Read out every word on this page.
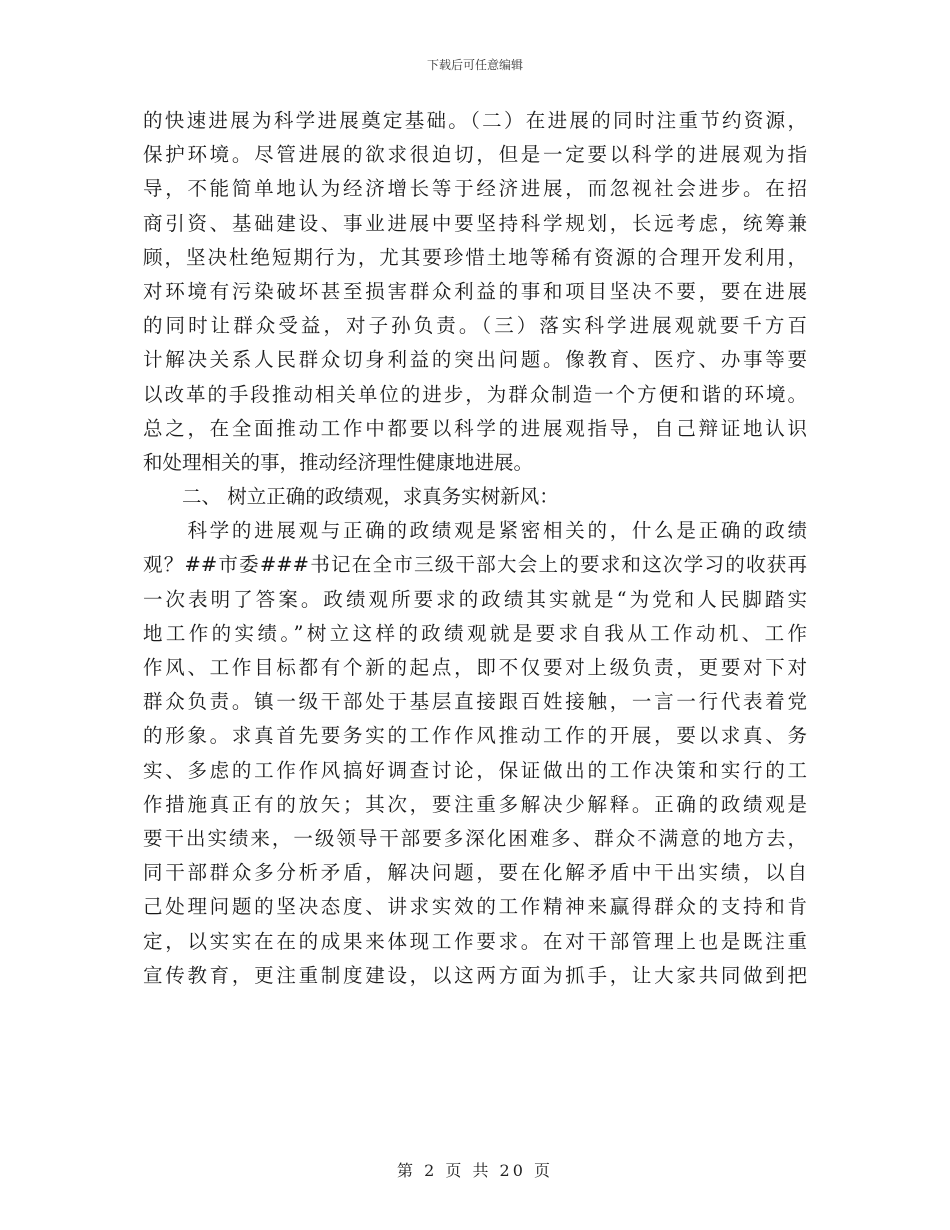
下载后可任意编辑
的快速进展为科学进展奠定基础。（二）在进展的同时注重节约资源，
保护环境。尽管进展的欲求很迫切，但是一定要以科学的进展观为指
导，不能简单地认为经济增长等于经济进展，而忽视社会进步。在招
商引资、基础建设、事业进展中要坚持科学规划，长远考虑，统筹兼
顾，坚决杜绝短期行为，尤其要珍惜土地等稀有资源的合理开发利用，
对环境有污染破坏甚至损害群众利益的事和项目坚决不要，要在进展
的同时让群众受益，对子孙负责。（三）落实科学进展观就要千方百
计解决关系人民群众切身利益的突出问题。像教育、医疗、办事等要
以改革的手段推动相关单位的进步，为群众制造一个方便和谐的环境。
总之，在全面推动工作中都要以科学的进展观指导，自己辩证地认识
和处理相关的事，推动经济理性健康地进展。
　　二、 树立正确的政绩观，求真务实树新风：
　　科学的进展观与正确的政绩观是紧密相关的，什么是正确的政绩
观？##市委###书记在全市三级干部大会上的要求和这次学习的收获再
一次表明了答案。政绩观所要求的政绩其实就是“为党和人民脚踏实
地工作的实绩。”树立这样的政绩观就是要求自我从工作动机、工作
作风、工作目标都有个新的起点，即不仅要对上级负责，更要对下对
群众负责。镇一级干部处于基层直接跟百姓接触，一言一行代表着党
的形象。求真首先要务实的工作作风推动工作的开展，要以求真、务
实、多虑的工作作风搞好调查讨论，保证做出的工作决策和实行的工
作措施真正有的放矢；其次，要注重多解决少解释。正确的政绩观是
要干出实绩来，一级领导干部要多深化困难多、群众不满意的地方去，
同干部群众多分析矛盾，解决问题，要在化解矛盾中干出实绩，以自
己处理问题的坚决态度、讲求实效的工作精神来赢得群众的支持和肯
定，以实实在在的成果来体现工作要求。在对干部管理上也是既注重
宣传教育，更注重制度建设，以这两方面为抓手，让大家共同做到把
第 2 页 共 20 页
